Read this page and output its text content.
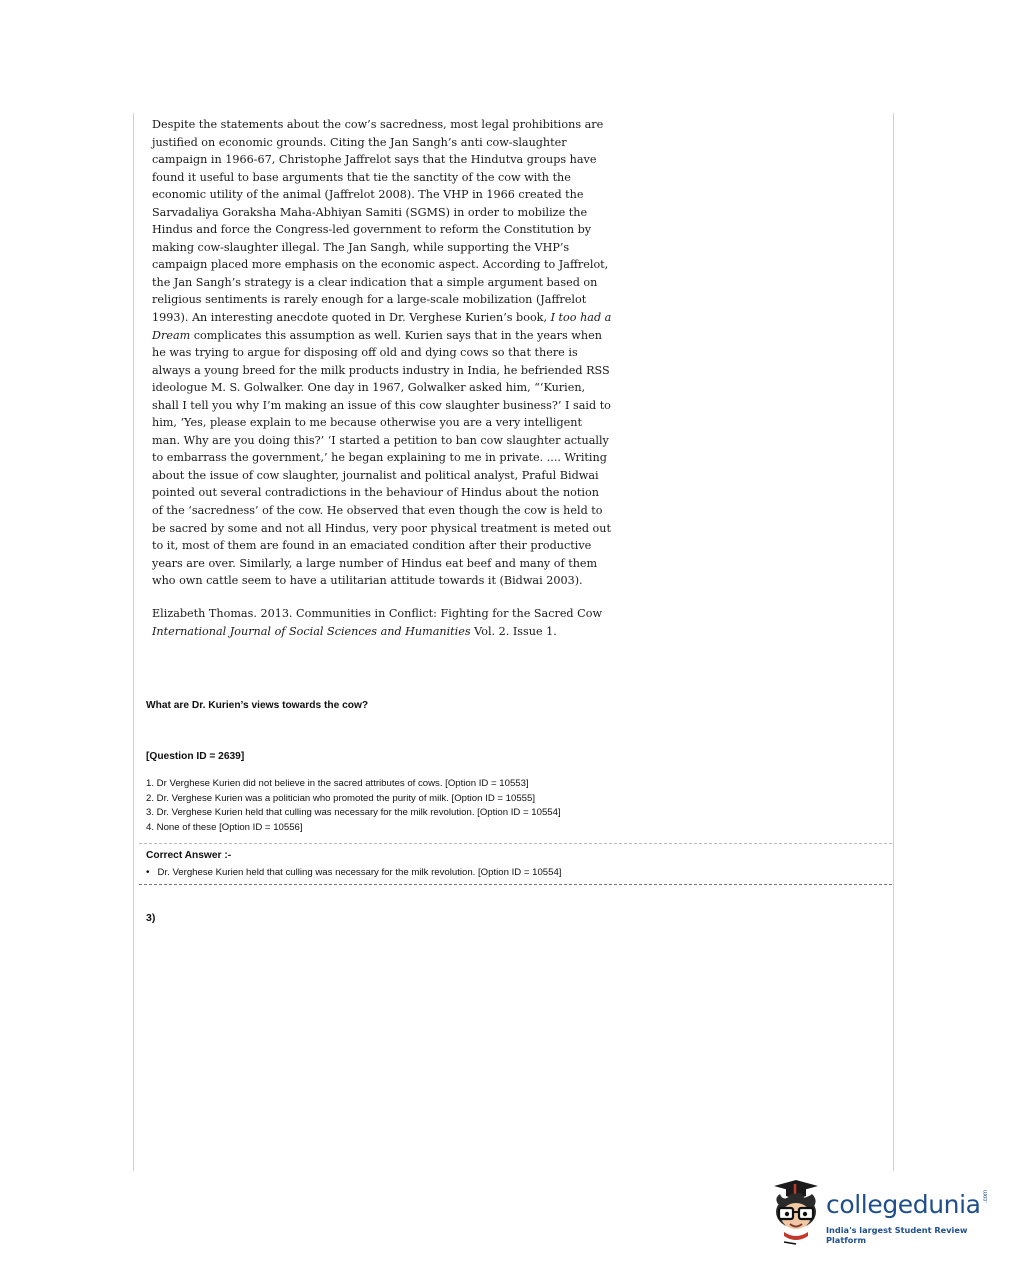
Despite the statements about the cow’s sacredness, most legal prohibitions are justified on economic grounds. Citing the Jan Sangh’s anti cow-slaughter campaign in 1966-67, Christophe Jaffrelot says that the Hindutva groups have found it useful to base arguments that tie the sanctity of the cow with the economic utility of the animal (Jaffrelot 2008). The VHP in 1966 created the Sarvadaliya Goraksha Maha-Abhiyan Samiti (SGMS) in order to mobilize the Hindus and force the Congress-led government to reform the Constitution by making cow-slaughter illegal. The Jan Sangh, while supporting the VHP’s campaign placed more emphasis on the economic aspect. According to Jaffrelot, the Jan Sangh’s strategy is a clear indication that a simple argument based on religious sentiments is rarely enough for a large-scale mobilization (Jaffrelot 1993). An interesting anecdote quoted in Dr. Verghese Kurien’s book, I too had a Dream complicates this assumption as well. Kurien says that in the years when he was trying to argue for disposing off old and dying cows so that there is always a young breed for the milk products industry in India, he befriended RSS ideologue M. S. Golwalker. One day in 1967, Golwalker asked him, “‘Kurien, shall I tell you why I’m making an issue of this cow slaughter business?’ I said to him, ‘Yes, please explain to me because otherwise you are a very intelligent man. Why are you doing this?’ ‘I started a petition to ban cow slaughter actually to embarrass the government,’ he began explaining to me in private. .... Writing about the issue of cow slaughter, journalist and political analyst, Praful Bidwai pointed out several contradictions in the behaviour of Hindus about the notion of the ‘sacredness’ of the cow. He observed that even though the cow is held to be sacred by some and not all Hindus, very poor physical treatment is meted out to it, most of them are found in an emaciated condition after their productive years are over. Similarly, a large number of Hindus eat beef and many of them who own cattle seem to have a utilitarian attitude towards it (Bidwai 2003).

Elizabeth Thomas. 2013. Communities in Conflict: Fighting for the Sacred Cow
International Journal of Social Sciences and Humanities Vol. 2. Issue 1.

What are Dr. Kurien’s views towards the cow?

[Question ID = 2639]

1. Dr Verghese Kurien did not believe in the sacred attributes of cows. [Option ID = 10553]
2. Dr. Verghese Kurien was a politician who promoted the purity of milk. [Option ID = 10555]
3. Dr. Verghese Kurien held that culling was necessary for the milk revolution. [Option ID = 10554]
4. None of these [Option ID = 10556]

Correct Answer :-

• Dr. Verghese Kurien held that culling was necessary for the milk revolution. [Option ID = 10554]

3)

collegedunia .com
India's largest Student Review Platform
